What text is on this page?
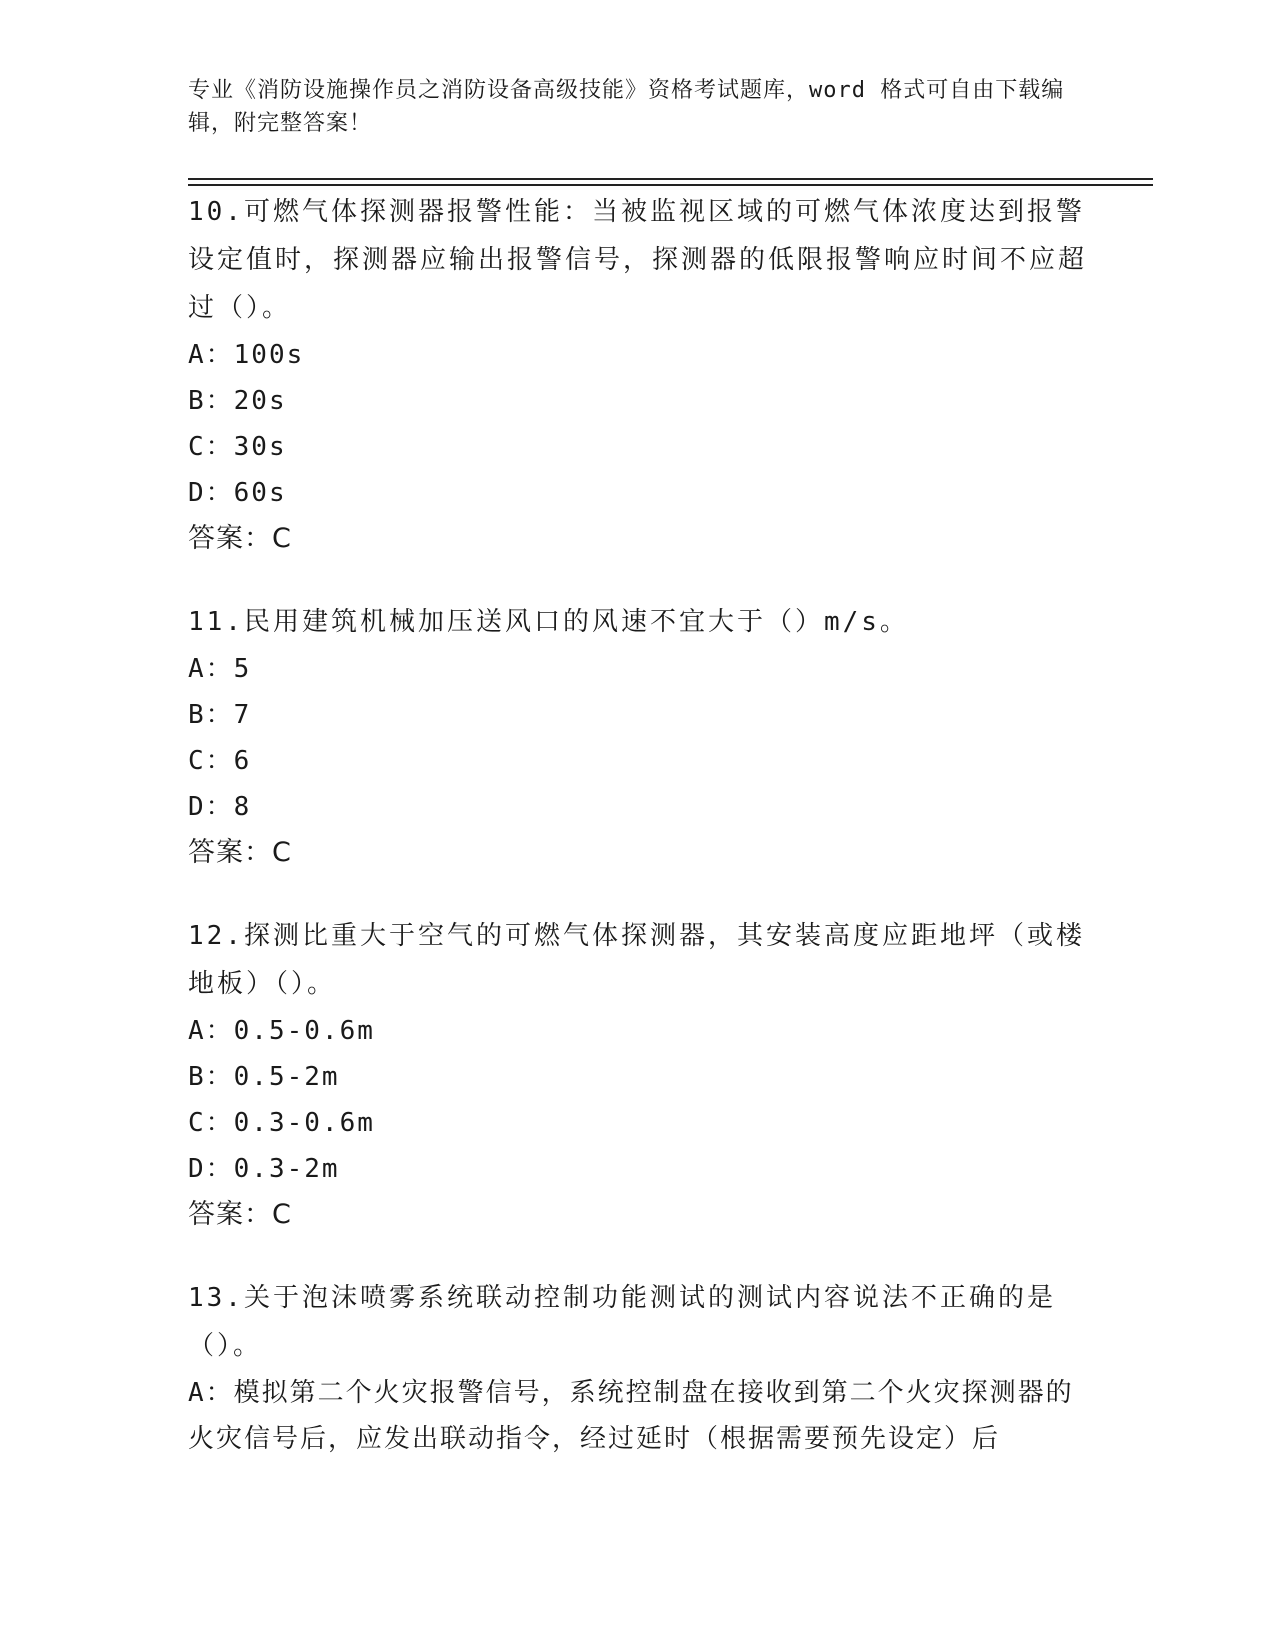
专业《消防设施操作员之消防设备高级技能》资格考试题库，word 格式可自由下载编辑，附完整答案！

10.可燃气体探测器报警性能：当被监视区域的可燃气体浓度达到报警设定值时，探测器应输出报警信号，探测器的低限报警响应时间不应超过（）。

A：100s

B：20s

C：30s

D：60s

答案：C

11.民用建筑机械加压送风口的风速不宜大于（）m/s。

A：5

B：7

C：6

D：8

答案：C

12.探测比重大于空气的可燃气体探测器，其安装高度应距地坪（或楼地板）（）。

A：0.5-0.6m

B：0.5-2m

C：0.3-0.6m

D：0.3-2m

答案：C

13.关于泡沫喷雾系统联动控制功能测试的测试内容说法不正确的是（）。

A：模拟第二个火灾报警信号，系统控制盘在接收到第二个火灾探测器的火灾信号后，应发出联动指令，经过延时（根据需要预先设定）后
